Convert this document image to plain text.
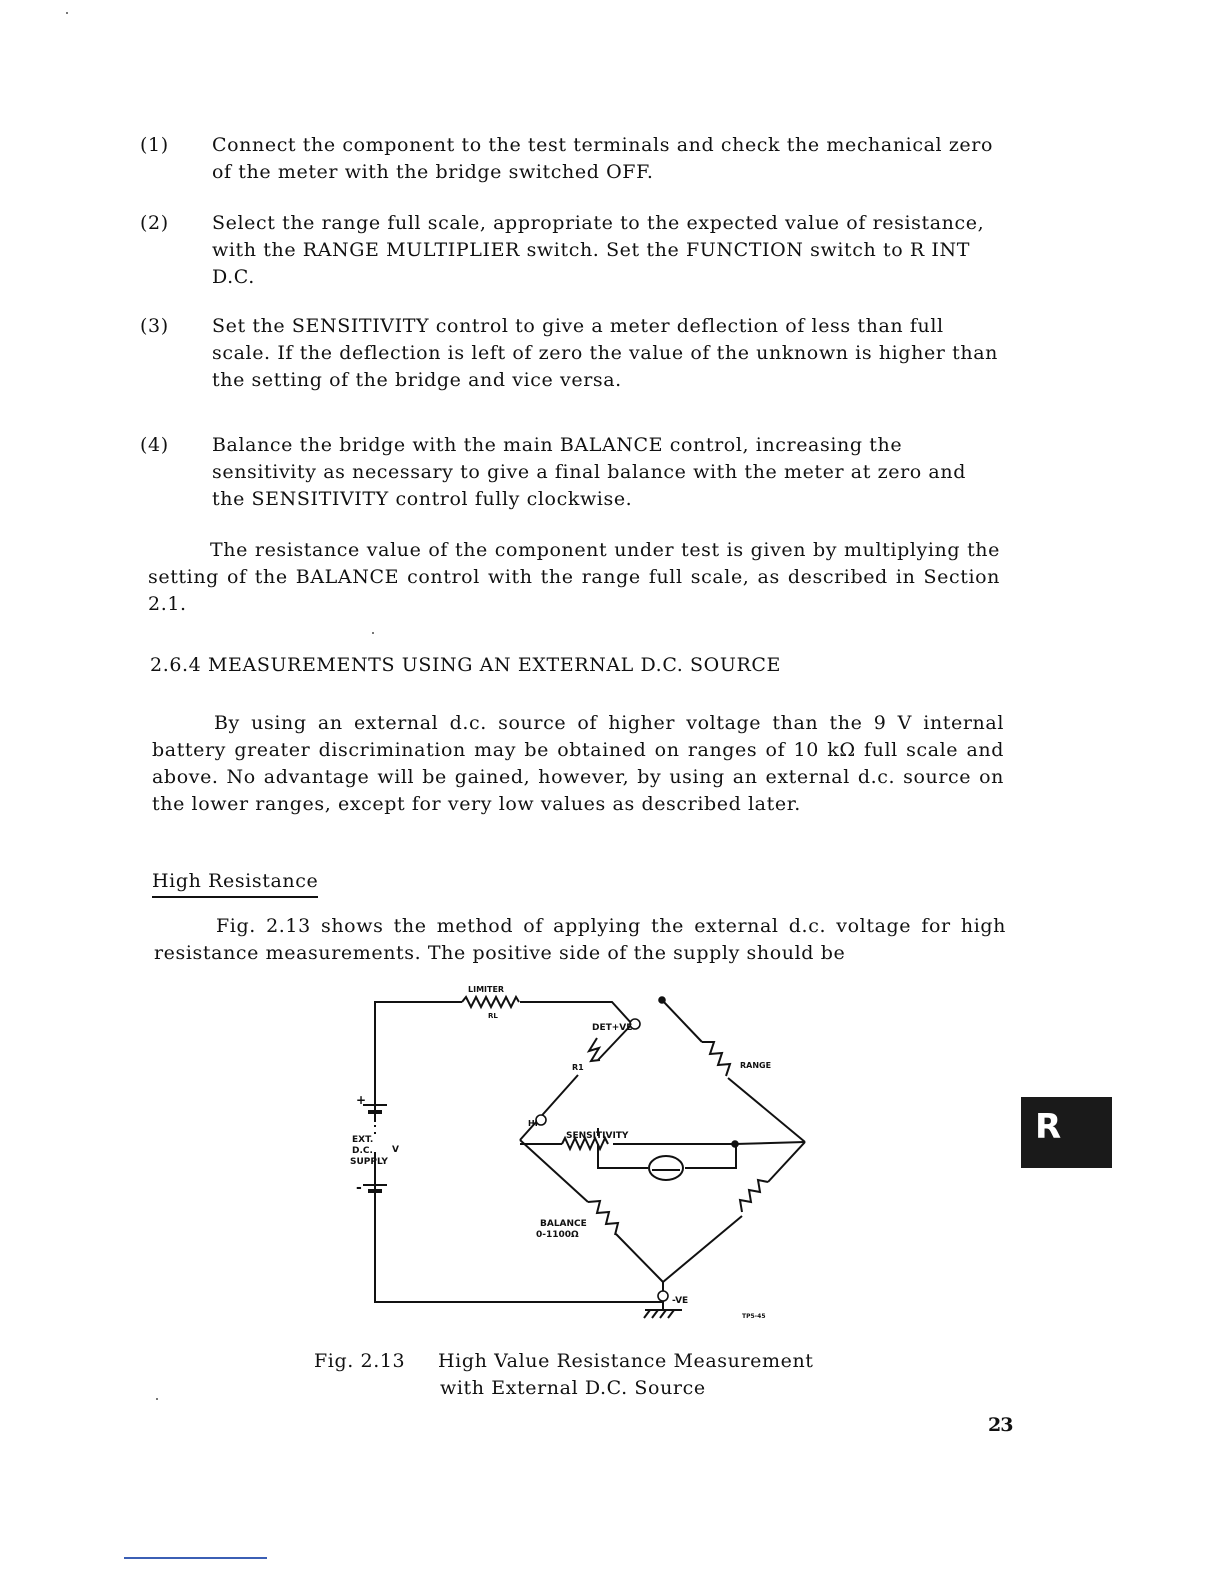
(1)	Connect the component to the test terminals and check the mechanical zero of the meter with the bridge switched OFF.
(2)	Select the range full scale, appropriate to the expected value of resistance, with the RANGE MULTIPLIER switch. Set the FUNCTION switch to R INT D.C.
(3)	Set the SENSITIVITY control to give a meter deflection of less than full scale. If the deflection is left of zero the value of the unknown is higher than the setting of the bridge and vice versa.
(4)	Balance the bridge with the main BALANCE control, increasing the sensitivity as necessary to give a final balance with the meter at zero and the SENSITIVITY control fully clockwise.
The resistance value of the component under test is given by multiplying the setting of the BALANCE control with the range full scale, as described in Section 2.1.
2.6.4 MEASUREMENTS USING AN EXTERNAL D.C. SOURCE
By using an external d.c. source of higher voltage than the 9 V internal battery greater discrimination may be obtained on ranges of 10 kΩ full scale and above. No advantage will be gained, however, by using an external d.c. source on the lower ranges, except for very low values as described later.
High Resistance
Fig. 2.13 shows the method of applying the external d.c. voltage for high resistance measurements. The positive side of the supply should be
LIMITER
RL
DET+VE
R1	RANGE
+
EXT.
D.C. V
SUPPLY
-
HI
SENSITIVITY
BALANCE
0-1100Ω
-VE
TP5-45
Fig. 2.13 High Value Resistance Measurement
with External D.C. Source
23
R
